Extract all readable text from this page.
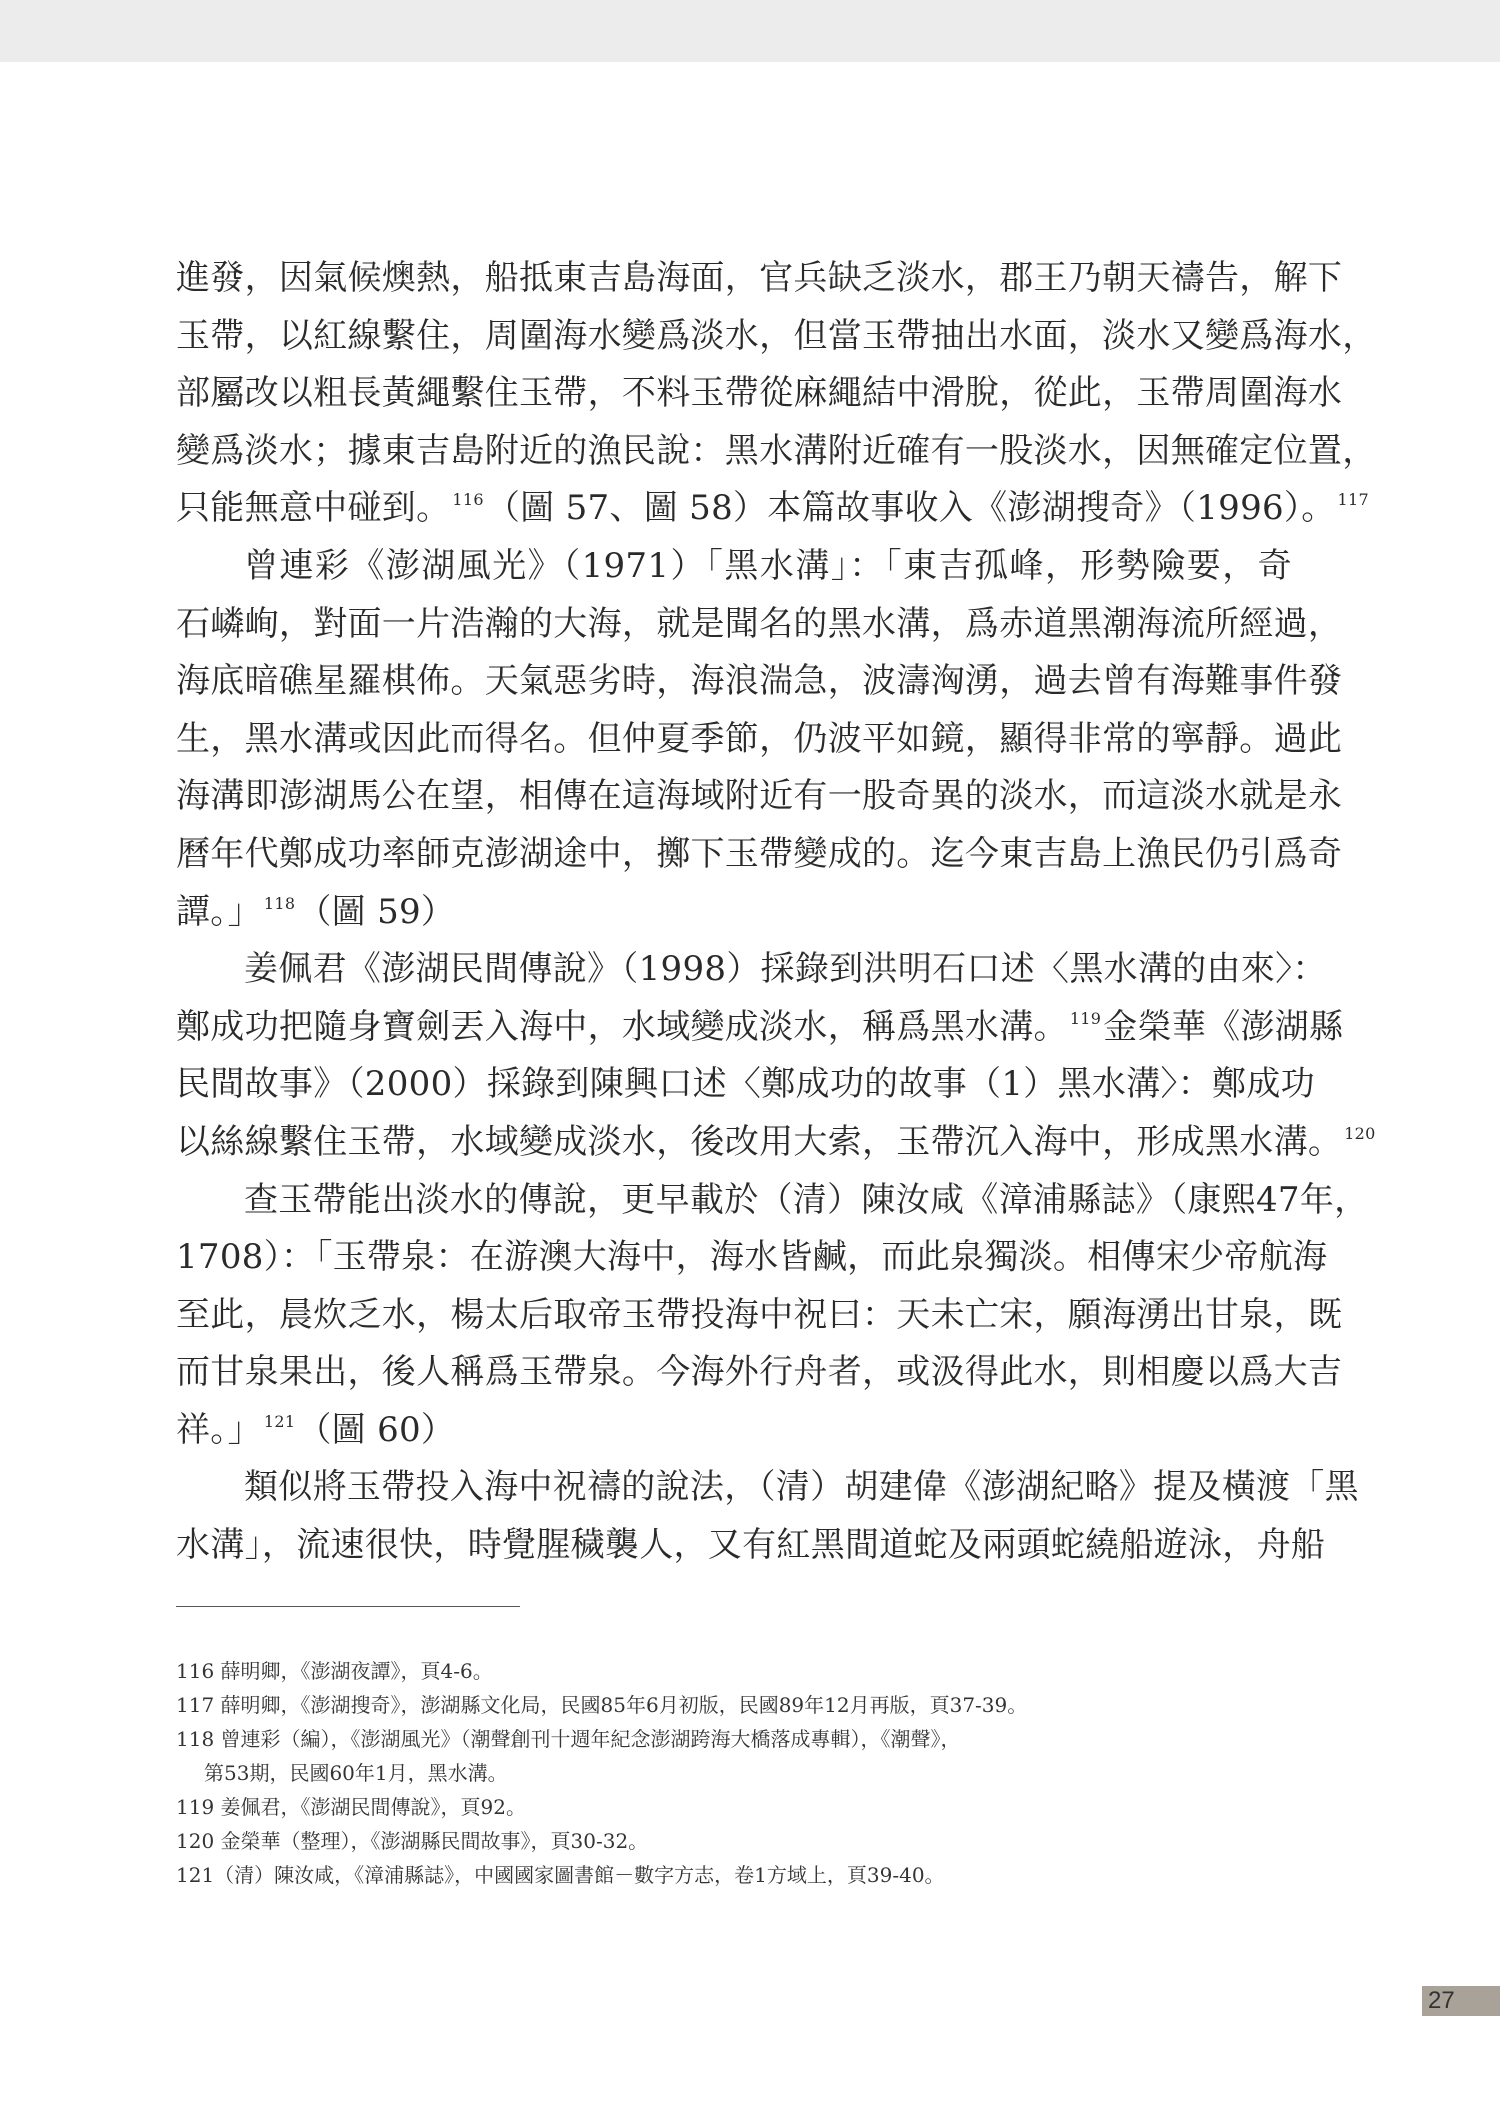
進發，因氣候燠熱，船抵東吉島海面，官兵缺乏淡水，郡王乃朝天禱告，解下
玉帶，以紅線繫住，周圍海水變爲淡水，但當玉帶抽出水面，淡水又變爲海水，
部屬改以粗長黃繩繫住玉帶，不料玉帶從麻繩結中滑脫，從此，玉帶周圍海水
變爲淡水；據東吉島附近的漁民說：黑水溝附近確有一股淡水，因無確定位置，
只能無意中碰到。 $^{116}$（圖 57、圖 58）本篇故事收入《澎湖搜奇》（1996）。 $^{117}$
曾連彩《澎湖風光》（1971）「黑水溝」：「東吉孤峰，形勢險要，奇
石嶙峋，對面一片浩瀚的大海，就是聞名的黑水溝，爲赤道黑潮海流所經過，
海底暗礁星羅棋佈。天氣惡劣時，海浪湍急，波濤洶湧，過去曾有海難事件發
生，黑水溝或因此而得名。但仲夏季節，仍波平如鏡，顯得非常的寧靜。過此
海溝即澎湖馬公在望，相傳在這海域附近有一股奇異的淡水，而這淡水就是永
曆年代鄭成功率師克澎湖途中，擲下玉帶變成的。迄今東吉島上漁民仍引爲奇
譚。」 $^{118}$（圖 59）
姜佩君《澎湖民間傳說》（1998）採錄到洪明石口述〈黑水溝的由來〉：
鄭成功把隨身寶劍丟入海中，水域變成淡水，稱爲黑水溝。 $^{119}$金榮華《澎湖縣
民間故事》（2000）採錄到陳興口述〈鄭成功的故事（1）黑水溝〉：鄭成功
以絲線繫住玉帶，水域變成淡水，後改用大索，玉帶沉入海中，形成黑水溝。 $^{120}$
查玉帶能出淡水的傳說，更早載於（清）陳汝咸《漳浦縣誌》（康熙47年，
1708）：「玉帶泉：在游澳大海中，海水皆鹹，而此泉獨淡。相傳宋少帝航海
至此，晨炊乏水，楊太后取帝玉帶投海中祝曰：天未亡宋，願海湧出甘泉，既
而甘泉果出，後人稱爲玉帶泉。今海外行舟者，或汲得此水，則相慶以爲大吉
祥。」 $^{121}$（圖 60）
類似將玉帶投入海中祝禱的說法，（清）胡建偉《澎湖紀略》提及橫渡「黑
水溝」，流速很快，時覺腥穢襲人，又有紅黑間道蛇及兩頭蛇繞船遊泳，舟船
116 薛明卿，《澎湖夜譚》，頁4-6。
117 薛明卿，《澎湖搜奇》，澎湖縣文化局，民國85年6月初版，民國89年12月再版，頁37-39。
118 曾連彩（編），《澎湖風光》（潮聲創刊十週年紀念澎湖跨海大橋落成專輯），《潮聲》，
第53期，民國60年1月，黑水溝。
119 姜佩君，《澎湖民間傳說》，頁92。
120 金榮華（整理），《澎湖縣民間故事》，頁30-32。
121（清）陳汝咸，《漳浦縣誌》，中國國家圖書館－數字方志，卷1方域上，頁39-40。
27
